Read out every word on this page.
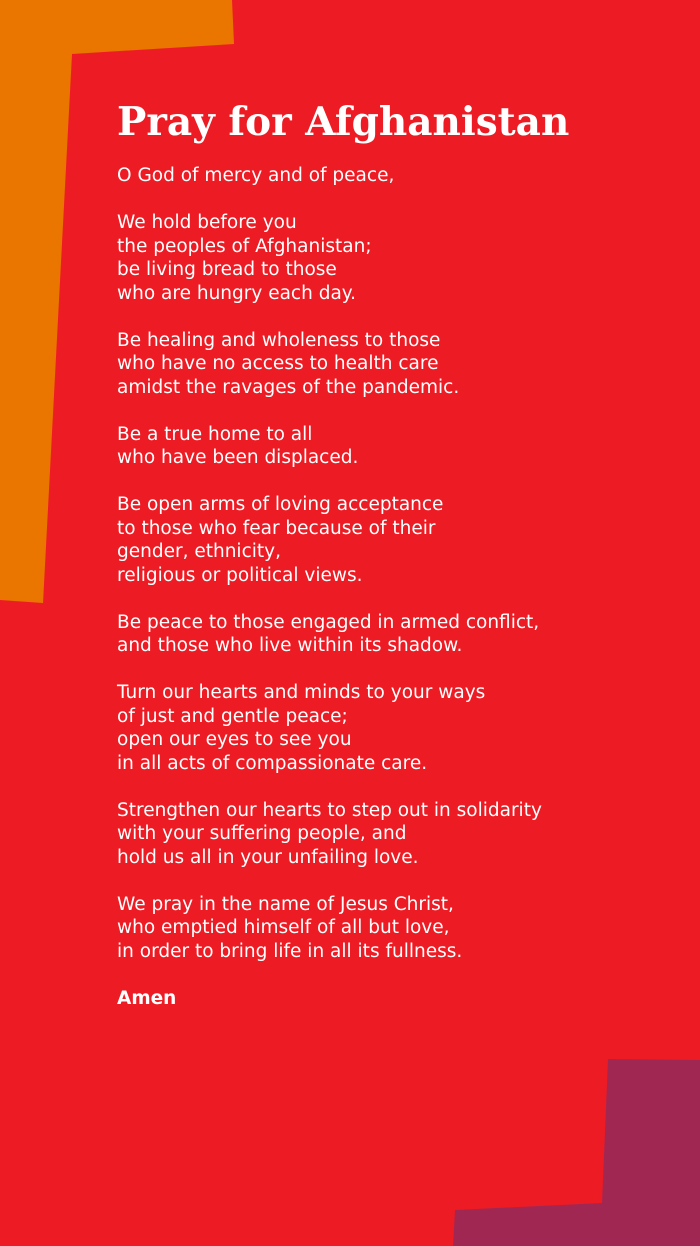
Pray for Afghanistan
O God of mercy and of peace,
We hold before you
the peoples of Afghanistan;
be living bread to those
who are hungry each day.
Be healing and wholeness to those
who have no access to health care
amidst the ravages of the pandemic.
Be a true home to all
who have been displaced.
Be open arms of loving acceptance
to those who fear because of their
gender, ethnicity,
religious or political views.
Be peace to those engaged in armed conflict,
and those who live within its shadow.
Turn our hearts and minds to your ways
of just and gentle peace;
open our eyes to see you
in all acts of compassionate care.
Strengthen our hearts to step out in solidarity
with your suffering people, and
hold us all in your unfailing love.
We pray in the name of Jesus Christ,
who emptied himself of all but love,
in order to bring life in all its fullness.
Amen
